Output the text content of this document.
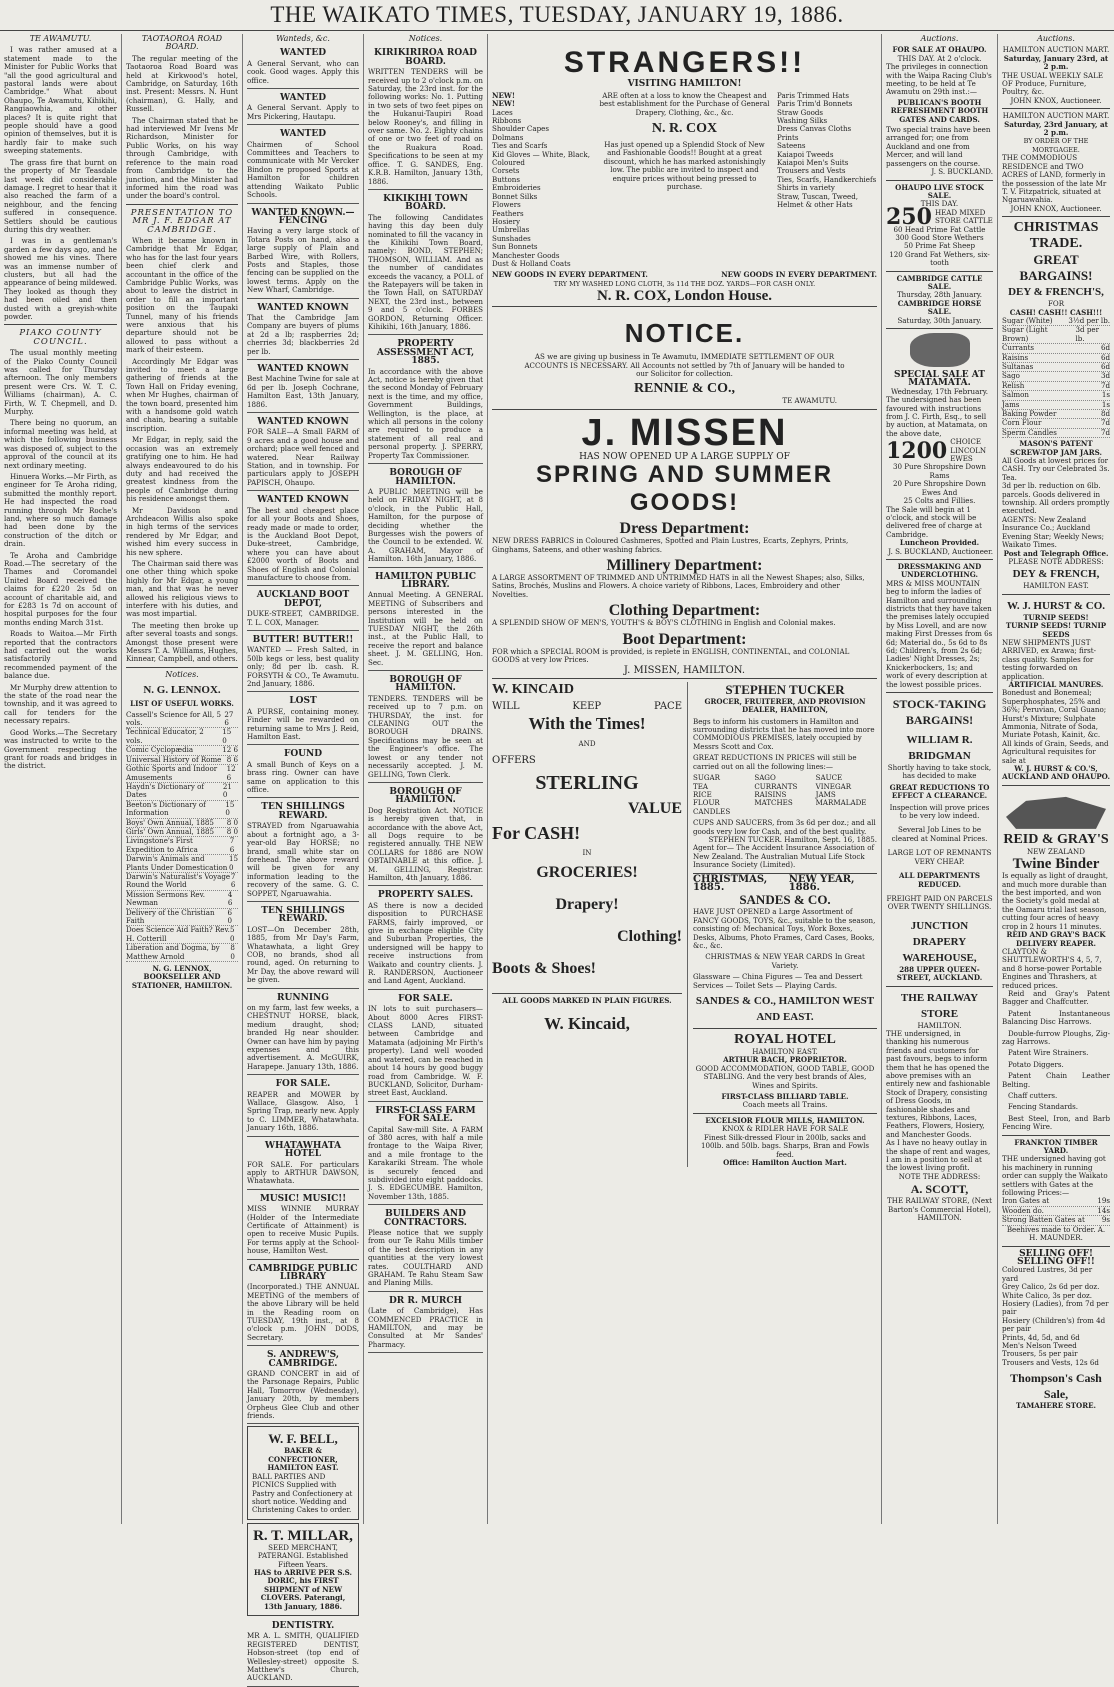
THE WAIKATO TIMES, TUESDAY, JANUARY 19, 1886.
TE AWAMUTU.
I was rather amused at a statement made to the Minister for Public Works that "all the good agricultural and pastoral lands were about Cambridge." What about Ohaupo, Te Awamutu, Kihikihi, Rangiaowhia, and other places? It is quite right that people should have a good opinion of themselves, but it is hardly fair to make such sweeping statements.
The grass fire that burnt on the property of Mr Teasdale last week did considerable damage. I regret to hear that it also reached the farm of a neighbour, and the fencing suffered in consequence. Settlers should be cautious during this dry weather.
I was in a gentleman's garden a few days ago, and he showed me his vines. There was an immense number of clusters, but all had the appearance of being mildewed. They looked as though they had been oiled and then dusted with a greyish-white powder.
PIAKO COUNTY COUNCIL.
The usual monthly meeting of the Piako County Council was called for Thursday afternoon. The only members present were Crs. W. T. C. Williams (chairman), A. C. Firth, W. T. Chepmell, and D. Murphy.
There being no quorum, an informal meeting was held, at which the following business was disposed of, subject to the approval of the council at its next ordinary meeting.
Hinuera Works.—Mr Firth, as engineer for Te Aroha riding, submitted the monthly report. He had inspected the road running through Mr Roche's land, where so much damage had been done by the construction of the ditch or drain.
Te Aroha and Cambridge Road.—The secretary of the Thames and Coromandel United Board received the claims for £220 2s 5d on account of charitable aid, and for £283 1s 7d on account of hospital purposes for the four months ending March 31st.
Roads to Waitoa.—Mr Firth reported that the contractors had carried out the works satisfactorily and recommended payment of the balance due.
Mr Murphy drew attention to the state of the road near the township, and it was agreed to call for tenders for the necessary repairs.
Good Works.—The Secretary was instructed to write to the Government respecting the grant for roads and bridges in the district.
TAOTAOROA ROAD BOARD.
The regular meeting of the Taotaoroa Road Board was held at Kirkwood's hotel, Cambridge, on Saturday, 16th inst. Present: Messrs. N. Hunt (chairman), G. Hally, and Russell.
The Chairman stated that he had interviewed Mr Ivens Mr Richardson, Minister for Public Works, on his way through Cambridge, with reference to the main road from Cambridge to the junction, and the Minister had informed him the road was under the board's control.
PRESENTATION TO MR J. F. EDGAR AT CAMBRIDGE.
When it became known in Cambridge that Mr Edgar, who has for the last four years been chief clerk and accountant in the office of the Cambridge Public Works, was about to leave the district in order to fill an important position on the Taupaki Tunnel, many of his friends were anxious that his departure should not be allowed to pass without a mark of their esteem.
Accordingly Mr Edgar was invited to meet a large gathering of friends at the Town Hall on Friday evening, when Mr Hughes, chairman of the town board, presented him with a handsome gold watch and chain, bearing a suitable inscription.
Mr Edgar, in reply, said the occasion was an extremely gratifying one to him. He had always endeavoured to do his duty and had received the greatest kindness from the people of Cambridge during his residence amongst them.
Mr Davidson and Archdeacon Willis also spoke in high terms of the services rendered by Mr Edgar, and wished him every success in his new sphere.
The Chairman said there was one other thing which spoke highly for Mr Edgar, a young man, and that was he never allowed his religious views to interfere with his duties, and was most impartial.
The meeting then broke up after several toasts and songs. Amongst those present were Messrs T. A. Williams, Hughes, Kinnear, Campbell, and others.
Notices.
N. G. LENNOX.
LIST OF USEFUL WORKS.
Cassell's Science for All, 5 vols.
27 6
Technical Educator, 2 vols.
15 0
Comic Cyclopædia	12 6
Universal History of Rome 8 6
Gothic Sports and Indoor Amusements
12 6
Haydn's Dictionary of Dates
21 0
Beeton's Dictionary of Information
15 0
Boys' Own Annual, 1885 8 0
Girls' Own Annual, 1885 8 0
Livingstone's First Expedition to Africa
7 6
Darwin's Animals and Plants Under Domestication
15 0
Darwin's Naturalist's Voyage Round the World
7 6
Mission Sermons Rev. Newman
4 6
Delivery of the Christian Faith
6 0
Does Science Aid Faith? Rev. H. Cotterill
5 0
Liberation and Dogma, by Matthew Arnold
8 0
N. G. LENNOX, BOOKSELLER AND STATIONER, HAMILTON.
Wanteds, &c.
WANTED
A General Servant, who can cook. Good wages. Apply this office.
WANTED
A General Servant. Apply to Mrs Pickering, Hautapu.
WANTED
Chairmen of School Committees and Teachers to communicate with Mr Vercker Bindon re proposed Sports at Hamilton for children attending Waikato Public Schools.
WANTED KNOWN.—FENCING
Having a very large stock of Totara Posts on hand, also a large supply of Plain and Barbed Wire, with Rollers, Posts and Staples, those fencing can be supplied on the lowest terms. Apply on the New Wharf, Cambridge.
WANTED KNOWN
That the Cambridge Jam Company are buyers of plums at 2d a lb; raspberries 2d; cherries 3d; blackberries 2d per lb.
WANTED KNOWN
Best Machine Twine for sale at 6d per lb. Joseph Cochrane, Hamilton East, 13th January, 1886.
WANTED KNOWN
FOR SALE—A Small FARM of 9 acres and a good house and orchard; place well fenced and watered. Near Railway Station, and in township. For particulars apply to JOSEPH PAPISCH, Ohaupo.
WANTED KNOWN
The best and cheapest place for all your Boots and Shoes, ready made or made to order, is the Auckland Boot Depot, Duke-street, Cambridge, where you can have about £2000 worth of Boots and Shoes of English and Colonial manufacture to choose from.
AUCKLAND BOOT DEPOT,
DUKE-STREET, CAMBRIDGE. T. L. COX, Manager.
BUTTER! BUTTER!!
WANTED — Fresh Salted, in 50lb kegs or less, best quality only; 8d per lb. cash. R. FORSYTH & CO., Te Awamutu. 2nd January, 1886.
LOST
A PURSE, containing money. Finder will be rewarded on returning same to Mrs J. Reid, Hamilton East.
FOUND
A small Bunch of Keys on a brass ring. Owner can have same on application to this office.
TEN SHILLINGS REWARD.
STRAYED from Ngaruawahia about a fortnight ago, a 3-year-old Bay HORSE; no brand, small white star on forehead. The above reward will be given for any information leading to the recovery of the same. G. C. SOPPET, Ngaruawahia.
TEN SHILLINGS REWARD.
LOST—On December 28th, 1885, from Mr Day's Farm, Whatawhata, a light Grey COB, no brands, shod all round, aged. On returning to Mr Day, the above reward will be given.
RUNNING
on my farm, last few weeks, a CHESTNUT HORSE, black, medium draught, shod; branded Hg near shoulder. Owner can have him by paying expenses and this advertisement. A. McGUIRK, Harapepe. January 13th, 1886.
FOR SALE.
REAPER and MOWER by Wallace, Glasgow. Also, 1 Spring Trap, nearly new. Apply to C. LIMMER, Whatawhata. January 16th, 1886.
WHATAWHATA HOTEL
FOR SALE. For particulars apply to ARTHUR DAWSON, Whatawhata.
MUSIC! MUSIC!!
MISS WINNIE MURRAY (Holder of the Intermediate Certificate of Attainment) is open to receive Music Pupils. For terms apply at the School-house, Hamilton West.
CAMBRIDGE PUBLIC LIBRARY
(Incorporated.) THE ANNUAL MEETING of the members of the above Library will be held in the Reading room on TUESDAY, 19th inst., at 8 o'clock p.m. JOHN DODS, Secretary.
S. ANDREW'S, CAMBRIDGE.
GRAND CONCERT in aid of the Parsonage Repairs, Public Hall, Tomorrow (Wednesday), January 20th, by members Orpheus Glee Club and other friends.
W. F. BELL,
BAKER & CONFECTIONER, HAMILTON EAST.
BALL PARTIES AND PICNICS Supplied with Pastry and Confectionery at short notice. Wedding and Christening Cakes to order.
R. T. MILLAR,
SEED MERCHANT, PATERANGI. Established Fifteen Years.
HAS to ARRIVE PER S.S. DORIC, his FIRST SHIPMENT of NEW CLOVERS. Paterangi, 13th January, 1886.
DENTISTRY.
MR A. L. SMITH, QUALIFIED REGISTERED DENTIST, Hobson-street (top end of Wellesley-street) opposite S. Matthew's Church, AUCKLAND.
Notices.
KIRIKIRIROA ROAD BOARD.
WRITTEN TENDERS will be received up to 2 o'clock p.m. on Saturday, the 23rd inst. for the following works: No. 1. Putting in two sets of two feet pipes on the Hukanui-Taupiri Road below Rooney's, and filling in over same. No. 2. Eighty chains of one or two feet of road on the Ruakura Road. Specifications to be seen at my office. T. G. SANDES, Eng. K.R.B. Hamilton, January 13th, 1886.
KIKIKIHI TOWN BOARD.
The following Candidates having this day been duly nominated to fill the vacancy in the Kihikihi Town Board, namely: BOND, STEPHEN; THOMSON, WILLIAM. And as the number of candidates exceeds the vacancy, a POLL of the Ratepayers will be taken in the Town Hall, on SATURDAY NEXT, the 23rd inst., between 9 and 5 o'clock. FORBES GORDON, Returning Officer. Kihikihi, 16th January, 1886.
PROPERTY ASSESSMENT ACT, 1885.
In accordance with the above Act, notice is hereby given that the second Monday of February next is the time, and my office, Government Buildings, Wellington, is the place, at which all persons in the colony are required to produce a statement of all real and personal property. J. SPERRY, Property Tax Commissioner.
BOROUGH OF HAMILTON.
A PUBLIC MEETING will be held on FRIDAY NIGHT, at 8 o'clock, in the Public Hall, Hamilton, for the purpose of deciding whether the Burgesses wish the powers of the Council to be extended. W. A. GRAHAM, Mayor of Hamilton. 16th January, 1886.
HAMILTON PUBLIC LIBRARY.
Annual Meeting. A GENERAL MEETING of Subscribers and persons interested in the Institution will be held on TUESDAY NIGHT, the 26th inst., at the Public Hall, to receive the report and balance sheet. J. M. GELLING, Hon. Sec.
BOROUGH OF HAMILTON.
TENDERS. TENDERS will be received up to 7 p.m. on THURSDAY, the inst. for CLEANING OUT the BOROUGH DRAINS. Specifications may be seen at the Engineer's office. The lowest or any tender not necessarily accepted. J. M. GELLING, Town Clerk.
BOROUGH OF HAMILTON.
Dog Registration Act. NOTICE is hereby given that, in accordance with the above Act, all Dogs require to be registered annually. THE NEW COLLARS for 1886 are NOW OBTAINABLE at this office. J. M. GELLING, Registrar. Hamilton, 4th January, 1886.
PROPERTY SALES.
AS there is now a decided disposition to PURCHASE FARMS, fairly improved, or give in exchange eligible City and Suburban Properties, the undersigned will be happy to receive instructions from Waikato and country clients. J. R. RANDERSON, Auctioneer and Land Agent, Auckland.
FOR SALE.
IN lots to suit purchasers—About 8000 Acres FIRST-CLASS LAND, situated between Cambridge and Matamata (adjoining Mr Firth's property). Land well wooded and watered, can be reached in about 14 hours by good buggy road from Cambridge. W. F. BUCKLAND, Solicitor, Durham-street East, Auckland.
FIRST-CLASS FARM FOR SALE.
Capital Saw-mill Site. A FARM of 380 acres, with half a mile frontage to the Waipa River, and a mile frontage to the Karakariki Stream. The whole is securely fenced and subdivided into eight paddocks. J. S. EDGECUMBE. Hamilton, November 13th, 1885.
BUILDERS AND CONTRACTORS.
Please notice that we supply from our Te Rahu Mills timber of the best description in any quantities at the very lowest rates. COULTHARD AND GRAHAM. Te Rahu Steam Saw and Planing Mills.
DR R. MURCH
(Late of Cambridge), Has COMMENCED PRACTICE in HAMILTON, and may be Consulted at Mr Sandes' Pharmacy.
STRANGERS!!
VISITING HAMILTON!
NEW!
NEW!
Laces
Ribbons
Shoulder Capes
Dolmans
Ties and Scarfs
Kid Gloves — White, Black, Coloured
Corsets
Buttons
Embroideries
Bonnet Silks
Flowers
Feathers
Hosiery
Umbrellas
Sunshades
Sun Bonnets
Manchester Goods
Dust & Holland Coats
ARE often at a loss to know the Cheapest and best establishment for the Purchase of General Drapery, Clothing, &c., &c.
N. R. COX
Has just opened up a Splendid Stock of New and Fashionable Goods!! Bought at a great discount, which he has marked astonishingly low. The public are invited to inspect and enquire prices without being pressed to purchase.
Paris Trimmed Hats
Paris Trim'd Bonnets
Straw Goods
Washing Silks
Dress Canvas Cloths
Prints
Sateens
Kaiapoi Tweeds
Kaiapoi Men's Suits
Trousers and Vests
Ties, Scarfs, Handkerchiefs
Shirts in variety
Straw, Tuscan, Tweed, Helmet & other Hats
NEW GOODS IN EVERY DEPARTMENT.	NEW GOODS IN EVERY DEPARTMENT.
TRY MY WASHED LONG CLOTH, 3s 11d THE DOZ. YARDS—FOR CASH ONLY.
N. R. COX, London House.
NOTICE.
AS we are giving up business in Te Awamutu, IMMEDIATE SETTLEMENT OF OUR ACCOUNTS IS NECESSARY. All Accounts not settled by 7th of January will be handed to our Solicitor for collection.
RENNIE & CO.,
TE AWAMUTU.
J. MISSEN
HAS NOW OPENED UP A LARGE SUPPLY OF
SPRING AND SUMMER GOODS!
Dress Department:
NEW DRESS FABRICS in Coloured Cashmeres, Spotted and Plain Lustres, Ecarts, Zephyrs, Prints, Ginghams, Sateens, and other washing fabrics.
Millinery Department:
A LARGE ASSORTMENT OF TRIMMED AND UNTRIMMED HATS in all the Newest Shapes; also, Silks, Satins, Brochés, Muslins and Flowers. A choice variety of Ribbons, Laces, Embroidery and other Novelties.
Clothing Department:
A SPLENDID SHOW OF MEN'S, YOUTH'S & BOY'S CLOTHING in English and Colonial makes.
Boot Department:
FOR which a SPECIAL ROOM is provided, is replete in ENGLISH, CONTINENTAL, and COLONIAL GOODS at very low Prices.
J. MISSEN, HAMILTON.
W. KINCAID
WILL	KEEP	PACE
With the Times!
AND
OFFERS
STERLING
VALUE
For CASH!
IN
GROCERIES!
Drapery!
Clothing!
Boots & Shoes!
ALL GOODS MARKED IN PLAIN FIGURES.
W. Kincaid,
STEPHEN TUCKER
GROCER, FRUITERER, AND PROVISION DEALER, HAMILTON,
Begs to inform his customers in Hamilton and surrounding districts that he has moved into more COMMODIOUS PREMISES, lately occupied by Messrs Scott and Cox.
GREAT REDUCTIONS IN PRICES will still be carried out on all the following lines:—
SUGAR	SAGO	SAUCE
TEA	CURRANTS	VINEGAR
RICE	RAISINS	JAMS
FLOUR	MATCHES	MARMALADE
CANDLES
CUPS AND SAUCERS, from 3s 6d per doz.; and all goods very low for Cash, and of the best quality.
STEPHEN TUCKER. Hamilton, Sept. 16, 1885.
Agent for— The Accident Insurance Association of New Zealand. The Australian Mutual Life Stock Insurance Society (Limited).
CHRISTMAS, 1885.
NEW YEAR, 1886.
SANDES & CO.
HAVE JUST OPENED a Large Assortment of FANCY GOODS, TOYS, &c., suitable to the season, consisting of: Mechanical Toys, Work Boxes, Desks, Albums, Photo Frames, Card Cases, Books, &c., &c.
CHRISTMAS & NEW YEAR CARDS In Great Variety.
Glassware — China Figures — Tea and Dessert Services — Toilet Sets — Playing Cards.
SANDES & CO., HAMILTON WEST AND EAST.
ROYAL HOTEL
HAMILTON EAST.
ARTHUR BACH, PROPRIETOR.
GOOD ACCOMMODATION, GOOD TABLE, GOOD STABLING. And the very best brands of Ales, Wines and Spirits.
FIRST-CLASS BILLIARD TABLE.
Coach meets all Trains.
EXCELSIOR FLOUR MILLS, HAMILTON.
KNOX & RIDLER HAVE FOR SALE
Finest Silk-dressed Flour in 200lb, sacks and 100lb. and 50lb. bags. Sharps, Bran and Fowls feed.
Office: Hamilton Auction Mart.
Auctions.
FOR SALE AT OHAUPO.
THIS DAY. At 2 o'clock.
The privileges in connection with the Waipa Racing Club's meeting, to be held at Te Awamutu on 29th inst.:—
PUBLICAN'S BOOTH REFRESHMENT BOOTH GATES AND CARDS.
Two special trains have been arranged for; one from Auckland and one from Mercer, and will land passengers on the course.
J. S. BUCKLAND.
OHAUPO LIVE STOCK SALE.
THIS DAY.
250 HEAD MIXED STORE CATTLE
60 Head Prime Fat Cattle
300 Good Store Wethers
50 Prime Fat Sheep
120 Grand Fat Wethers, six-tooth
CAMBRIDGE CATTLE SALE.
Thursday, 28th January.
CAMBRIDGE HORSE SALE.
Saturday, 30th January.
SPECIAL SALE AT MATAMATA.
Wednesday, 17th February.
The undersigned has been favoured with instructions from J. C. Firth, Esq., to sell by auction, at Matamata, on the above date,
1200 CHOICE LINCOLN EWES
30 Pure Shropshire Down Rams
20 Pure Shropshire Down Ewes And
25 Colts and Fillies.
The Sale will begin at 1 o'clock, and stock will be delivered free of charge at Cambridge.
Luncheon Provided.
J. S. BUCKLAND, Auctioneer.
DRESSMAKING AND UNDERCLOTHING.
MRS & MISS MOUNTAIN beg to inform the ladies of Hamilton and surrounding districts that they have taken the premises lately occupied by Miss Lovell, and are now making First Dresses from 6s 6d; Material do., 5s 6d to 8s 6d; Children's, from 2s 6d; Ladies' Night Dresses, 2s; Knickerbockers, 1s; and work of every description at the lowest possible prices.
STOCK-TAKING BARGAINS!
WILLIAM R. BRIDGMAN
Shortly having to take stock, has decided to make
GREAT REDUCTIONS TO EFFECT A CLEARANCE.
Inspection will prove prices to be very low indeed.
Several Job Lines to be cleared at Nominal Prices.
LARGE LOT OF REMNANTS VERY CHEAP.
ALL DEPARTMENTS REDUCED.
FREIGHT PAID ON PARCELS OVER TWENTY SHILLINGS.
JUNCTION DRAPERY WAREHOUSE,
288 UPPER QUEEN-STREET, AUCKLAND.
THE RAILWAY STORE
HAMILTON.
THE undersigned, in thanking his numerous friends and customers for past favours, begs to inform them that he has opened the above premises with an entirely new and fashionable Stock of Drapery, consisting of Dress Goods, in fashionable shades and textures, Ribbons, Laces, Feathers, Flowers, Hosiery, and Manchester Goods.
As I have no heavy outlay in the shape of rent and wages, I am in a position to sell at the lowest living profit.
NOTE THE ADDRESS:
A. SCOTT,
THE RAILWAY STORE, (Next Barton's Commercial Hotel), HAMILTON.
Auctions.
HAMILTON AUCTION MART.
Saturday, January 23rd, at 2 p.m.
THE USUAL WEEKLY SALE OF Produce, Furniture, Poultry, &c.
JOHN KNOX, Auctioneer.
HAMILTON AUCTION MART.
Saturday, 23rd January, at 2 p.m.
BY ORDER OF THE MORTGAGEE.
THE COMMODIOUS RESIDENCE and TWO ACRES of LAND, formerly in the possession of the late Mr T. V. Fitzpatrick, situated at Ngaruawahia.
JOHN KNOX, Auctioneer.
CHRISTMAS TRADE.
GREAT BARGAINS!
DEY & FRENCH'S,
FOR
CASH! CASH!! CASH!!!
Sugar (White) 3½d per lb.
Sugar (Light Brown)
3d per lb.
Currants	6d
Raisins	6d
Sultanas	6d
Sago	3d
Relish	7d
Salmon	1s
Jams	1s
Baking Powder	8d
Corn Flour	7d
Sperm Candles	7d
MASON'S PATENT SCREW-TOP JAM JARS.
All Goods at lowest prices for CASH. Try our Celebrated 3s. Tea.
3d per lb. reduction on 6lb. parcels. Goods delivered in township. All orders promptly executed.
AGENTS: New Zealand Insurance Co.; Auckland Evening Star; Weekly News; Waikato Times.
Post and Telegraph Office.
PLEASE NOTE ADDRESS:
DEY & FRENCH,
HAMILTON EAST.
W. J. HURST & CO.
TURNIP SEEDS!
TURNIP SEEDS! TURNIP SEEDS
NEW SHIPMENTS JUST ARRIVED, ex Arawa; first-class quality. Samples for testing forwarded on application.
ARTIFICIAL MANURES.
Bonedust and Bonemeal; Superphosphates, 25% and 36%; Peruvian, Coral Guano; Hurst's Mixture; Sulphate Ammonia, Nitrate of Soda, Muriate Potash, Kainit, &c.
All kinds of Grain, Seeds, and Agricultural requisites for sale at
W. J. HURST & CO.'S, AUCKLAND AND OHAUPO.
REID & GRAY'S
NEW ZEALAND
Twine Binder
Is equally as light of draught, and much more durable than the best imported, and won the Society's gold medal at the Oamaru trial last season, cutting four acres of heavy crop in 2 hours 11 minutes.
REID AND GRAY'S BACK DELIVERY REAPER.
CLAYTON & SHUTTLEWORTH'S 4, 5, 7, and 8 horse-power Portable Engines and Thrashers, at reduced prices.
Reid and Gray's Patent Bagger and Chaffcutter.
Patent Instantaneous Balancing Disc Harrows.
Double-furrow Ploughs, Zig-zag Harrows.
Patent Wire Strainers.
Potato Diggers.
Patent Chain Leather Belting.
Chaff cutters.
Fencing Standards.
Best Steel, Iron, and Barb Fencing Wire.
FRANKTON TIMBER YARD.
THE undersigned having got his machinery in running order can supply the Waikato settlers with Gates at the following Prices:—
Iron Gates at	19s
Wooden do.	14s
Strong Batten Gates at 9s
Beehives made to Order. A. H. MAUNDER.
SELLING OFF! SELLING OFF!!
Coloured Lustres, 3d per yard
Grey Calico, 2s 6d per doz.
White Calico, 3s per doz.
Hosiery (Ladies), from 7d per pair
Hosiery (Children's) from 4d per pair
Prints, 4d, 5d, and 6d
Men's Nelson Tweed Trousers, 5s per pair
Trousers and Vests, 12s 6d
Thompson's Cash Sale,
TAMAHERE STORE.
